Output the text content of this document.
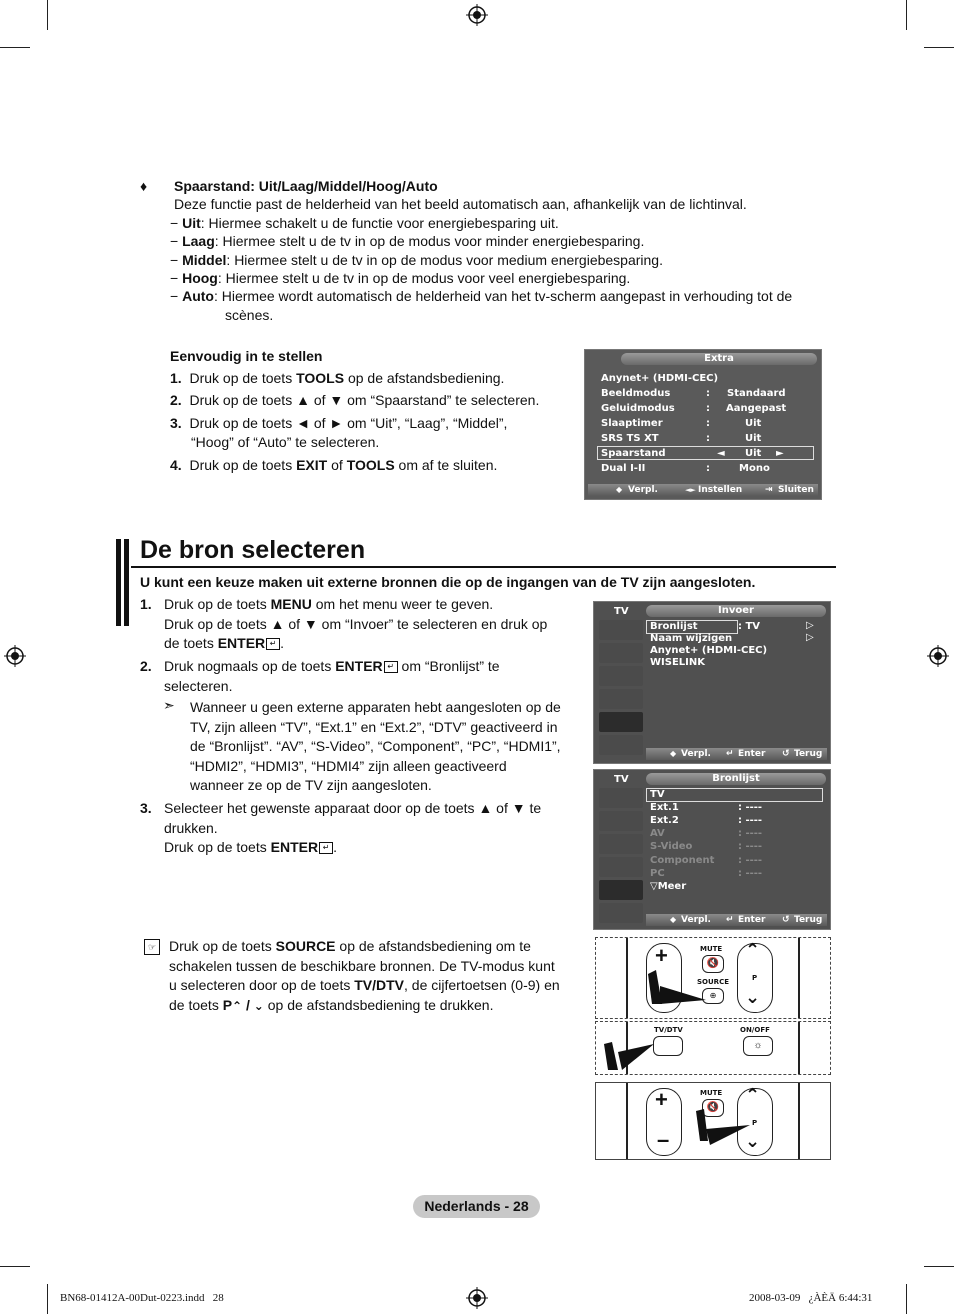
♦ Spaarstand: Uit/Laag/Middel/Hoog/Auto
Deze functie past de helderheid van het beeld automatisch aan, afhankelijk van de lichtinval.
− Uit: Hiermee schakelt u de functie voor energiebesparing uit.
− Laag: Hiermee stelt u de tv in op de modus voor minder energiebesparing.
− Middel: Hiermee stelt u de tv in op de modus voor medium energiebesparing.
− Hoog: Hiermee stelt u de tv in op de modus voor veel energiebesparing.
− Auto: Hiermee wordt automatisch de helderheid van het tv-scherm aangepast in verhouding tot de
scènes.
Eenvoudig in te stellen
1. Druk op de toets TOOLS op de afstandsbediening.
2. Druk op de toets ▲ of ▼ om “Spaarstand” te selecteren.
3. Druk op de toets ◄ of ► om “Uit”, “Laag”, “Middel”,
“Hoog” of “Auto” te selecteren.
4. Druk op de toets EXIT of TOOLS om af te sluiten.
Extra
Anynet+ (HDMI-CEC)
Beeldmodus	: Standaard
Geluidmodus	: Aangepast
Slaaptimer	:	Uit
SRS TS XT	:	Uit
Spaarstand	◄ Uit ►
Dual I-II	:	Mono
◆ Verpl.	◄► Instellen	⇥ Sluiten
De bron selecteren
U kunt een keuze maken uit externe bronnen die op de ingangen van de TV zijn aangesloten.
1. Druk op de toets MENU om het menu weer te geven.
Druk op de toets ▲ of ▼ om “Invoer” te selecteren en druk op
de toets ENTER ↵ .
2. Druk nogmaals op de toets ENTER ↵ om “Bronlijst” te
selecteren.
➣ Wanneer u geen externe apparaten hebt aangesloten op de
TV, zijn alleen “TV”, “Ext.1” en “Ext.2”, “DTV” geactiveerd in
de “Bronlijst”. “AV”, “S-Video”, “Component”, “PC”, “HDMI1”,
“HDMI2”, “HDMI3”, “HDMI4” zijn alleen geactiveerd
wanneer ze op de TV zijn aangesloten.
3. Selecteer het gewenste apparaat door op de toets ▲ of ▼ te
drukken.
Druk op de toets ENTER ↵ .
TV	Invoer
Bronlijst	: TV	▷
Naam wijzigen	▷
Anynet+ (HDMI-CEC)
WISELINK
◆ Verpl. ↵ Enter ↺ Terug
TV	Bronlijst
TV
Ext.1	: ----
Ext.2	: ----
AV	: ----
S-Video	: ----
Component : ----
PC	: ----
▽Meer
◆ Verpl. ↵ Enter ↺ Terug
☞ Druk op de toets SOURCE op de afstandsbediening om te
schakelen tussen de beschikbare bronnen. De TV-modus kunt
u selecteren door op de toets TV/DTV, de cijfertoetsen (0-9) en
de toets P⌃ / ⌄ op de afstandsbediening te drukken.
+	MUTE
🔇
SOURCE
⊕
⌃
P
⌄
TV/DTV	ON/OFF
☼
+
–
MUTE
🔇
⌃
P
⌄
Nederlands - 28
BN68-01412A-00Dut-0223.indd   28	2008-03-09   ¿ÀÈÄ 6:44:31
